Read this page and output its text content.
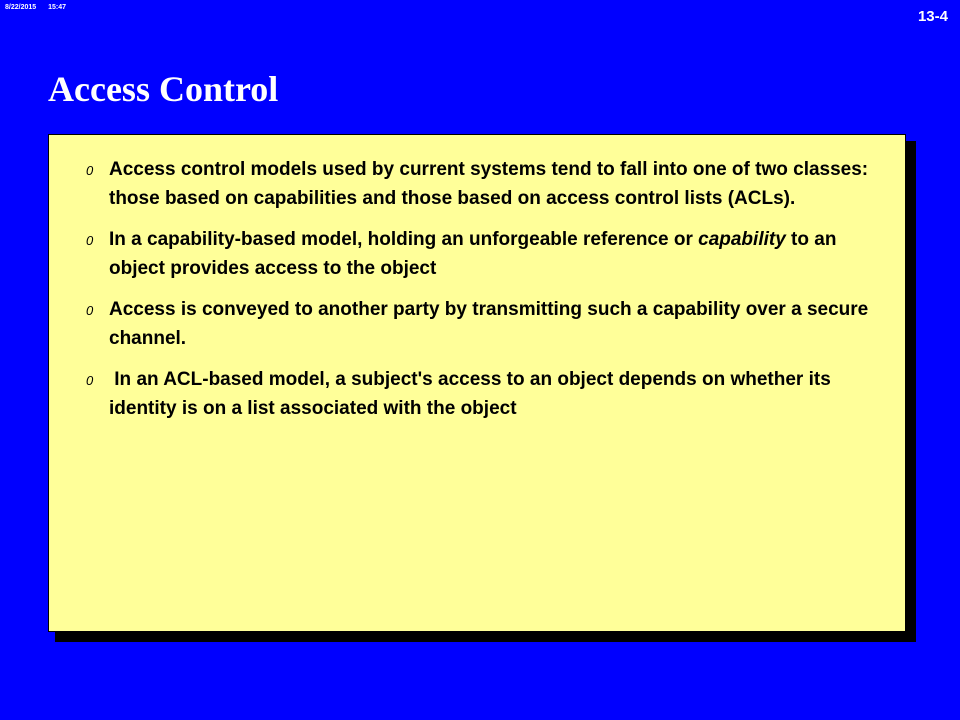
8/22/2015 15:47
13-4
Access Control
0 Access control models used by current systems tend to fall into one of two classes: those based on capabilities and those based on access control lists (ACLs).
0 In a capability-based model, holding an unforgeable reference or capability to an object provides access to the object
0 Access is conveyed to another party by transmitting such a capability over a secure channel.
0 In an ACL-based model, a subject's access to an object depends on whether its identity is on a list associated with the object
